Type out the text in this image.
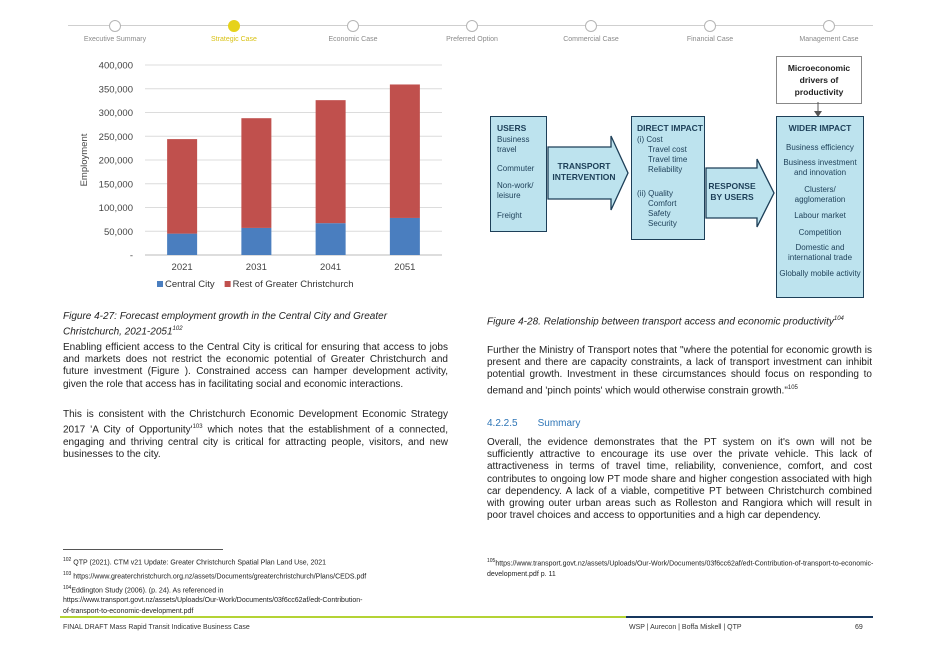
Executive Summary	Strategic Case	Economic Case	Preferred Option	Commercial Case	Financial Case	Management Case
-
50,000
100,000
150,000
200,000
250,000
300,000
350,000
400,000
Employment
2021	2031	2041	2051
Central City Rest of Greater Christchurch
Figure 4-27: Forecast employment growth in the Central City and Greater Christchurch, 2021-2051$^{102}$
Enabling efficient access to the Central City is critical for ensuring that access to jobs and markets does not restrict the economic potential of Greater Christchurch and future investment (Figure ). Constrained access can hamper development activity, given the role that access has in facilitating social and economic interactions.
This is consistent with the Christchurch Economic Development Economic Strategy 2017 'A City of $Opportunity'^{103}$ which notes that the establishment of a connected, engaging and thriving central city is critical for attracting people, visitors, and new businesses to the city.
$^{102}$ QTP (2021). CTM v21 Update: Greater Christchurch Spatial Plan Land Use, 2021
$^{103}$ https://www.greaterchristchurch.org.nz/assets/Documents/greaterchristchurch/Plans/CEDS.pdf
$^{104}$Eddington Study (2006). (p. 24). As referenced in
https://www.transport.govt.nz/assets/Uploads/Our-Work/Documents/03f6cc62af/edt-Contribution-
of-transport-to-economic-development.pdf
USERS
Business travel
Commuter
Non-work/ leisure
Freight
TRANSPORT INTERVENTION
DIRECT IMPACT
(i) Cost
Travel cost
Travel time
Reliability
(ii) Quality
Comfort
Safety
Security
RESPONSE BY USERS
Microeconomic drivers of productivity
WIDER IMPACT
Business efficiency
Business investment and innovation
Clusters/ agglomeration
Labour market
Competition
Domestic and international trade
Globally mobile activity
Figure 4-28. Relationship between transport access and economic productivity$^{104}$
Further the Ministry of Transport notes that "where the potential for economic growth is present and there are capacity constraints, a lack of transport investment can inhibit potential growth. Investment in these circumstances should focus on responding to demand and 'pinch points' which would otherwise constrain growth."$^{105}$
4.2.2.5 Summary
Overall, the evidence demonstrates that the PT system on it's own will not be sufficiently attractive to encourage its use over the private vehicle. This lack of attractiveness in terms of travel time, reliability, convenience, comfort, and cost contributes to ongoing low PT mode share and higher congestion associated with high car dependency. A lack of a viable, competitive PT between Christchurch combined with growing outer urban areas such as Rolleston and Rangiora which will result in poor travel choices and access to opportunities and a high car dependency.
$^{105}$https://www.transport.govt.nz/assets/Uploads/Our-Work/Documents/03f6cc62af/edt-Contribution-of-transport-to-economic-development.pdf p. 11
FINAL DRAFT Mass Rapid Transit Indicative Business Case	WSP | Aurecon | Boffa Miskell | QTP	69
